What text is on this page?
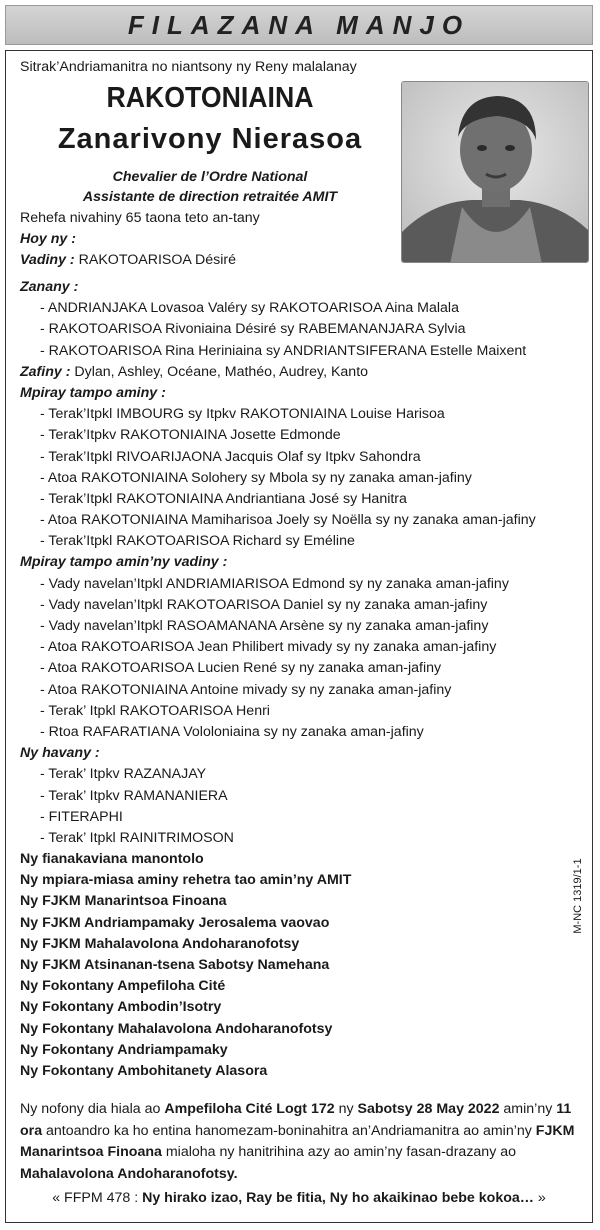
FILAZANA MANJO
Sitrak’Andriamanitra no niantsony ny Reny malalanay
RAKOTONIAINA
Zanarivony Nierasoa
Chevalier de l’Ordre National
Assistante de direction retraitée AMIT
Rehefa nivahiny 65 taona teto an-tany
Hoy ny :
Vadiny : RAKOTOARISOA Désiré
Zanany :
- ANDRIANJAKA Lovasoa Valéry sy RAKOTOARISOA Aina Malala
- RAKOTOARISOA Rivoniaina Désiré sy RABEMANANJARA Sylvia
- RAKOTOARISOA Rina Heriniaina sy ANDRIANTSIFERANA Estelle Maixent
Zafiny : Dylan, Ashley, Océane, Mathéo, Audrey, Kanto
Mpiray tampo aminy :
- Terak’Itpkl IMBOURG sy Itpkv RAKOTONIAINA Louise Harisoa
- Terak’Itpkv RAKOTONIAINA Josette Edmonde
- Terak’Itpkl RIVOARIJAONA Jacquis Olaf sy Itpkv Sahondra
- Atoa RAKOTONIAINA Solohery sy Mbola sy ny zanaka aman-jafiny
- Terak’Itpkl RAKOTONIAINA Andriantiana José sy Hanitra
- Atoa RAKOTONIAINA Mamiharisoa Joely sy Noëlla sy ny zanaka aman-jafiny
- Terak’Itpkl RAKOTOARISOA Richard sy Eméline
Mpiray tampo amin’ny vadiny :
- Vady navelan’Itpkl ANDRIAMIARISOA Edmond sy ny zanaka aman-jafiny
- Vady navelan’Itpkl RAKOTOARISOA Daniel sy ny zanaka aman-jafiny
- Vady navelan’Itpkl RASOAMANANA Arsène sy ny zanaka aman-jafiny
- Atoa RAKOTOARISOA Jean Philibert mivady sy ny zanaka aman-jafiny
- Atoa RAKOTOARISOA Lucien René sy ny zanaka aman-jafiny
- Atoa RAKOTONIAINA Antoine mivady sy ny zanaka aman-jafiny
- Terak’ Itpkl RAKOTOARISOA Henri
- Rtoa RAFARATIANA Vololoniaina sy ny zanaka aman-jafiny
Ny havany :
- Terak’ Itpkv RAZANAJAY
- Terak’ Itpkv RAMANANIERA
- FITERAPHI
- Terak’ Itpkl RAINITRIMOSON
Ny fianakaviana manontolo
Ny mpiara-miasa aminy rehetra tao amin’ny AMIT
Ny FJKM Manarintsoa Finoana
Ny FJKM Andriampamaky Jerosalema vaovao
Ny FJKM Mahalavolona Andoharanofotsy
Ny FJKM Atsinanan-tsena Sabotsy Namehana
Ny Fokontany Ampefiloha Cité
Ny Fokontany Ambodin’Isotry
Ny Fokontany Mahalavolona Andoharanofotsy
Ny Fokontany Andriampamaky
Ny Fokontany Ambohitanety Alasora
Ny nofony dia hiala ao Ampefiloha Cité Logt 172 ny Sabotsy 28 May 2022 amin’ny 11 ora antoandro ka ho entina hanomezam-boninahitra an’Andriamanitra ao amin’ny FJKM Manarintsoa Finoana mialoha ny hanitrihina azy ao amin’ny fasan-drazany ao Mahalavolona Andoharanofotsy.
« FFPM 478 : Ny hirako izao, Ray be fitia, Ny ho akaikinao bebe kokoa… »
M-NC 1319/1-1
